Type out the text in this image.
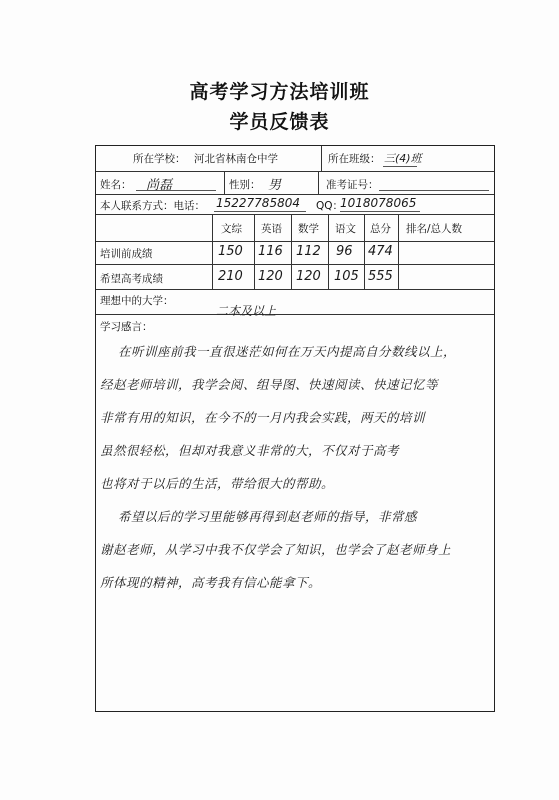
高考学习方法培训班
学员反馈表
所在学校： 河北省林南仓中学	所在班级： 三(4)班
姓名： 尚磊	性别： 男	准考证号：
本人联系方式：电话： 15227785804 QQ：
1018078065
文综 英语 数学 语文 总分 排名/总人数
培训前成绩	150 116 112 96 474
希望高考成绩	210 120 120 105 555
理想中的大学：
二本及以上
学习感言：
在听训座前我一直很迷茫如何在万天内提高自分数线以上，
经赵老师培训，我学会阅、组导图、快速阅读、快速记忆等
非常有用的知识，在今不的一月内我会实践，两天的培训
虽然很轻松，但却对我意义非常的大，不仅对于高考
也将对于以后的生活，带给很大的帮助。
希望以后的学习里能够再得到赵老师的指导，非常感
谢赵老师，从学习中我不仅学会了知识，也学会了赵老师身上
所体现的精神，高考我有信心能拿下。
